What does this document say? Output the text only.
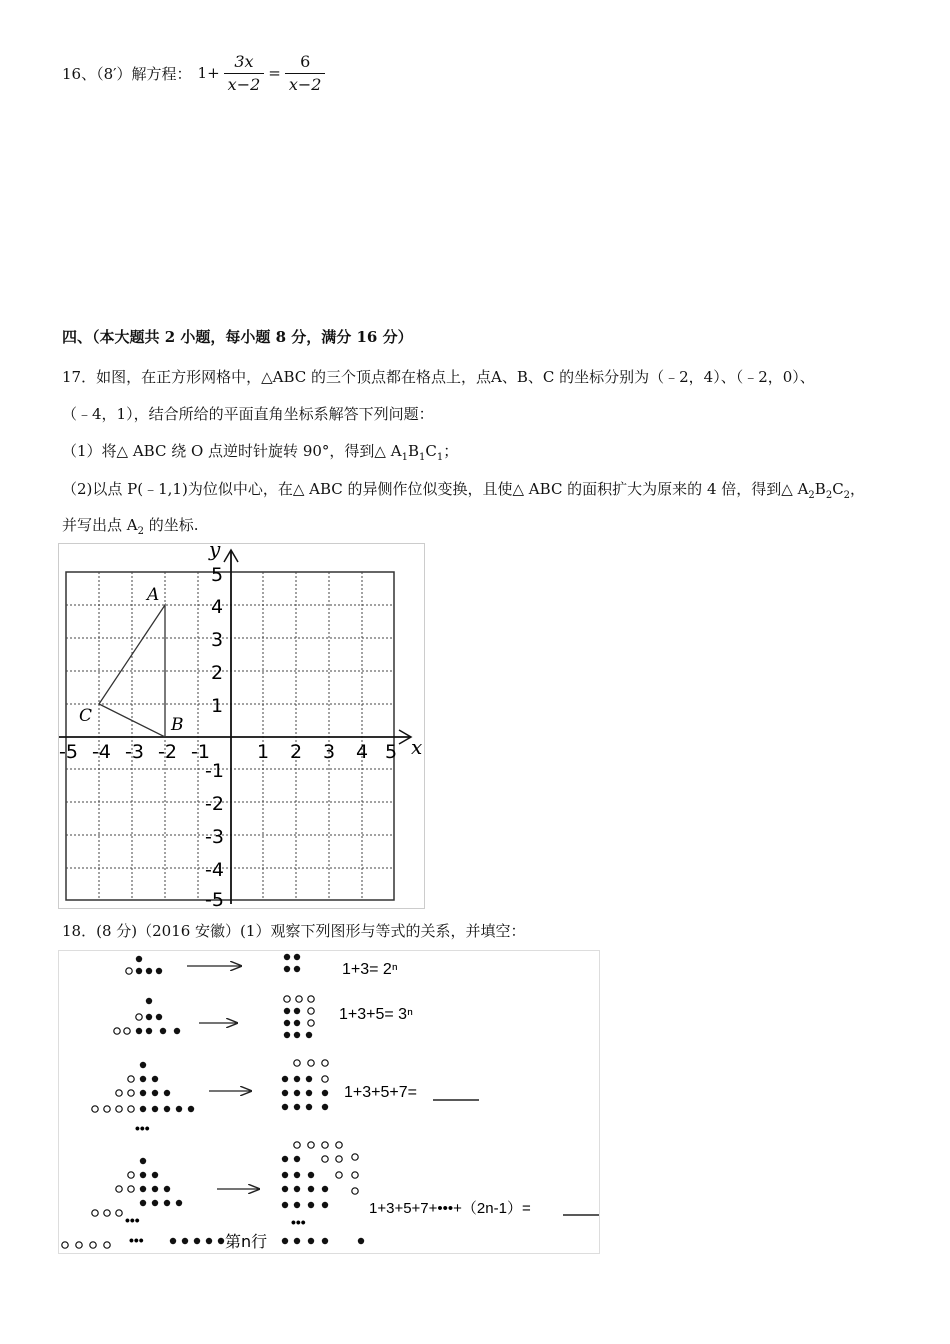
16、（8′）解方程： $1+ \frac{3x}{x-2} = \frac{6}{x-2}$
四、（本大题共 2 小题，每小题 8 分，满分 16 分）
17．如图，在正方形网格中，△ABC 的三个顶点都在格点上，点A、B、C 的坐标分别为（﹣2，4）、（﹣2，0）、
（﹣4，1），结合所给的平面直角坐标系解答下列问题：
（1）将△ ABC 绕 O 点逆时针旋转 90°，得到△ $A_1B_1C_1$；
（2)以点 P(﹣1,1)为位似中心，在△ ABC 的异侧作位似变换，且使△ ABC 的面积扩大为原来的 4 倍，得到△ $A_2B_2C_2$，
并写出点 $A_2$ 的坐标.
y
x
A
B
C
-5 -4 -3 -2 -1 1 2 3 4 5
5
4
3
2
1
-1
-2
-3
-4
-5
18．(8 分)（2016 安徽）(1）观察下列图形与等式的关系，并填空：
1+3= 2ⁿ
1+3+5= 3ⁿ
•••
1+3+5+7=
•••
•••
•••
第n行
1+3+5+7+•••+（2n-1）=
